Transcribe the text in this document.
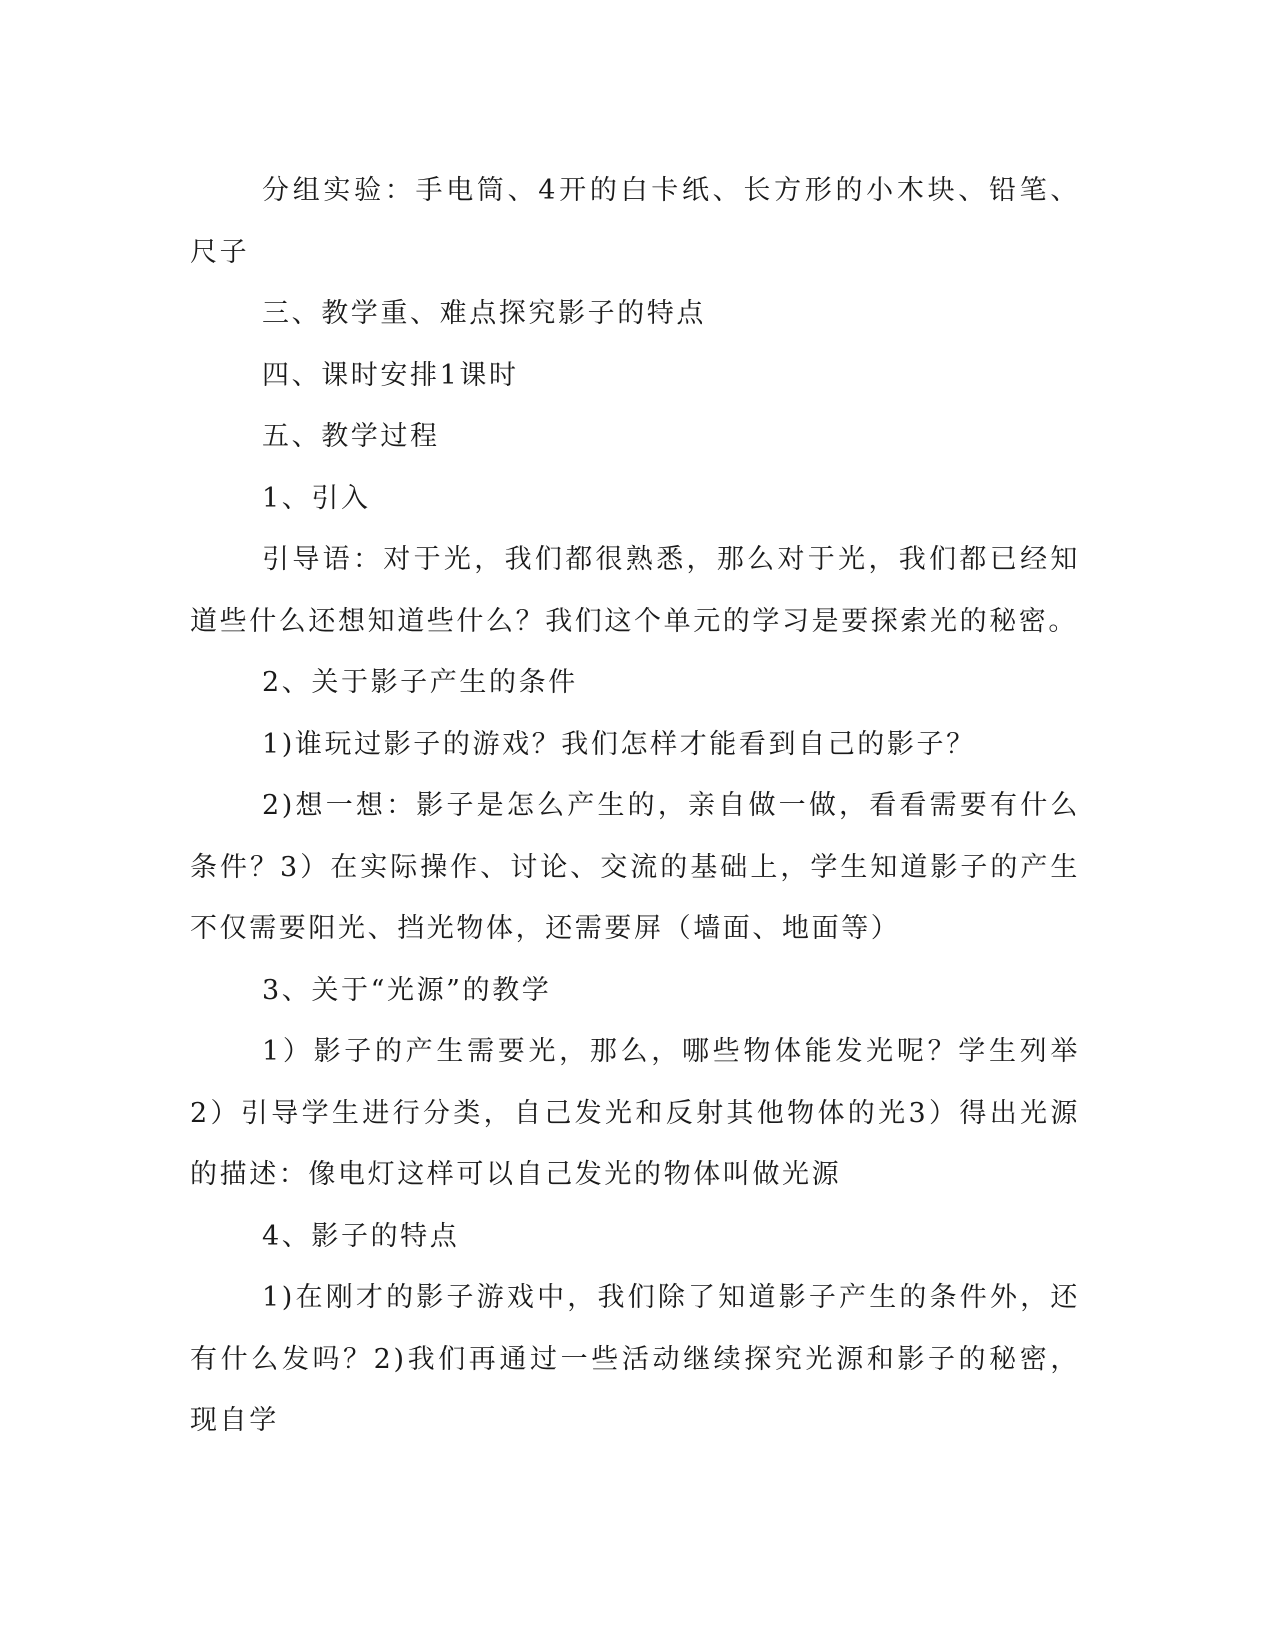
分组实验：手电筒、4开的白卡纸、长方形的小木块、铅笔、尺子

三、教学重、难点探究影子的特点

四、课时安排1课时

五、教学过程

1、引入

引导语：对于光，我们都很熟悉，那么对于光，我们都已经知道些什么还想知道些什么？我们这个单元的学习是要探索光的秘密。

2、关于影子产生的条件

1)谁玩过影子的游戏？我们怎样才能看到自己的影子？

2)想一想：影子是怎么产生的，亲自做一做，看看需要有什么条件？3）在实际操作、讨论、交流的基础上，学生知道影子的产生不仅需要阳光、挡光物体，还需要屏（墙面、地面等）

3、关于“光源”的教学

1）影子的产生需要光，那么，哪些物体能发光呢？学生列举2）引导学生进行分类，自己发光和反射其他物体的光3）得出光源的描述：像电灯这样可以自己发光的物体叫做光源

4、影子的特点

1)在刚才的影子游戏中，我们除了知道影子产生的条件外，还有什么发吗？2)我们再通过一些活动继续探究光源和影子的秘密，现自学
